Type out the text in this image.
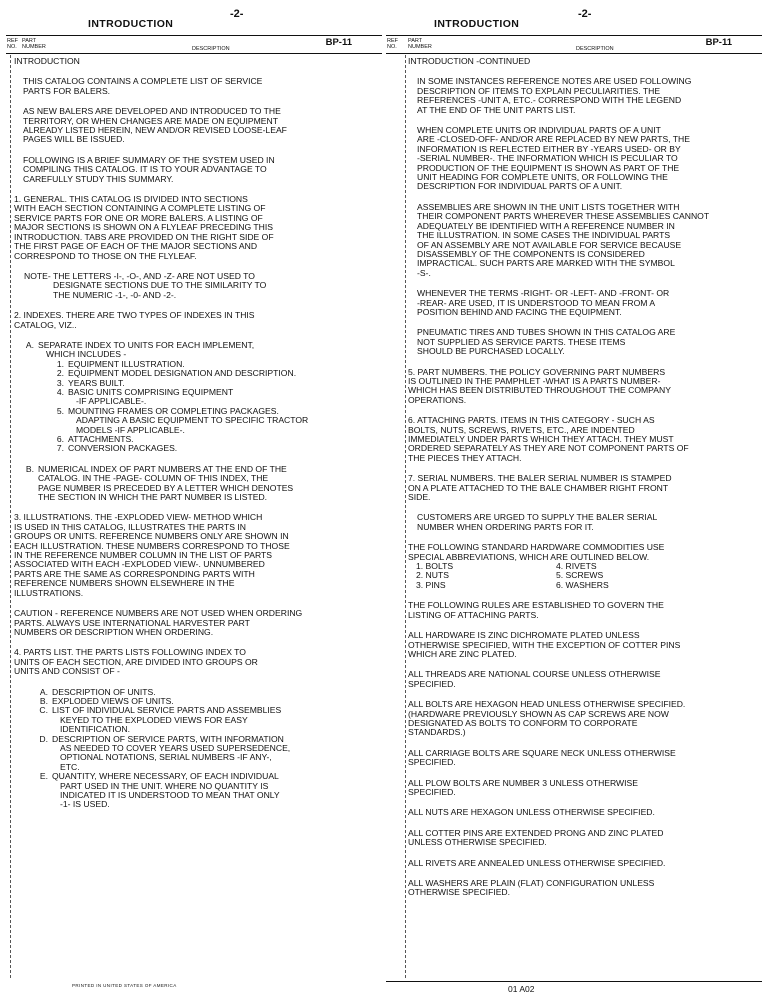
INTRODUCTION
-2-
REF
NO.
PART
NUMBER	DESCRIPTION
BP-11
INTRODUCTION
THIS CATALOG CONTAINS A COMPLETE LIST OF SERVICE
PARTS FOR BALERS.
AS NEW BALERS ARE DEVELOPED AND INTRODUCED TO THE
TERRITORY, OR WHEN CHANGES ARE MADE ON EQUIPMENT
ALREADY LISTED HEREIN, NEW AND/OR REVISED LOOSE-LEAF
PAGES WILL BE ISSUED.
FOLLOWING IS A BRIEF SUMMARY OF THE SYSTEM USED IN
COMPILING THIS CATALOG. IT IS TO YOUR ADVANTAGE TO
CAREFULLY STUDY THIS SUMMARY.
1. GENERAL. THIS CATALOG IS DIVIDED INTO SECTIONS
WITH EACH SECTION CONTAINING A COMPLETE LISTING OF
SERVICE PARTS FOR ONE OR MORE BALERS. A LISTING OF
MAJOR SECTIONS IS SHOWN ON A FLYLEAF PRECEDING THIS
INTRODUCTION. TABS ARE PROVIDED ON THE RIGHT SIDE OF
THE FIRST PAGE OF EACH OF THE MAJOR SECTIONS AND
CORRESPOND TO THOSE ON THE FLYLEAF.
NOTE- THE LETTERS -I-, -O-, AND -Z- ARE NOT USED TO
DESIGNATE SECTIONS DUE TO THE SIMILARITY TO
THE NUMERIC -1-, -0- AND -2-.
2. INDEXES. THERE ARE TWO TYPES OF INDEXES IN THIS
CATALOG, VIZ..
A. SEPARATE INDEX TO UNITS FOR EACH IMPLEMENT,
WHICH INCLUDES -
1. EQUIPMENT ILLUSTRATION.
2. EQUIPMENT MODEL DESIGNATION AND DESCRIPTION.
3. YEARS BUILT.
4. BASIC UNITS COMPRISING EQUIPMENT
-IF APPLICABLE-.
5. MOUNTING FRAMES OR COMPLETING PACKAGES.
ADAPTING A BASIC EQUIPMENT TO SPECIFIC TRACTOR
MODELS -IF APPLICABLE-.
6. ATTACHMENTS.
7. CONVERSION PACKAGES.
B. NUMERICAL INDEX OF PART NUMBERS AT THE END OF THE
CATALOG. IN THE -PAGE- COLUMN OF THIS INDEX, THE
PAGE NUMBER IS PRECEDED BY A LETTER WHICH DENOTES
THE SECTION IN WHICH THE PART NUMBER IS LISTED.
3. ILLUSTRATIONS. THE -EXPLODED VIEW- METHOD WHICH
IS USED IN THIS CATALOG, ILLUSTRATES THE PARTS IN
GROUPS OR UNITS. REFERENCE NUMBERS ONLY ARE SHOWN IN
EACH ILLUSTRATION. THESE NUMBERS CORRESPOND TO THOSE
IN THE REFERENCE NUMBER COLUMN IN THE LIST OF PARTS
ASSOCIATED WITH EACH -EXPLODED VIEW-. UNNUMBERED
PARTS ARE THE SAME AS CORRESPONDING PARTS WITH
REFERENCE NUMBERS SHOWN ELSEWHERE IN THE
ILLUSTRATIONS.
CAUTION - REFERENCE NUMBERS ARE NOT USED WHEN ORDERING
PARTS. ALWAYS USE INTERNATIONAL HARVESTER PART
NUMBERS OR DESCRIPTION WHEN ORDERING.
4. PARTS LIST. THE PARTS LISTS FOLLOWING INDEX TO
UNITS OF EACH SECTION, ARE DIVIDED INTO GROUPS OR
UNITS AND CONSIST OF -
A. DESCRIPTION OF UNITS.
B. EXPLODED VIEWS OF UNITS.
C. LIST OF INDIVIDUAL SERVICE PARTS AND ASSEMBLIES
KEYED TO THE EXPLODED VIEWS FOR EASY
IDENTIFICATION.
D. DESCRIPTION OF SERVICE PARTS, WITH INFORMATION
AS NEEDED TO COVER YEARS USED SUPERSEDENCE,
OPTIONAL NOTATIONS, SERIAL NUMBERS -IF ANY-,
ETC.
E. QUANTITY, WHERE NECESSARY, OF EACH INDIVIDUAL
PART USED IN THE UNIT. WHERE NO QUANTITY IS
INDICATED IT IS UNDERSTOOD TO MEAN THAT ONLY
-1- IS USED.
PRINTED IN UNITED STATES OF AMERICA
INTRODUCTION
-2-
REF
NO.
PART
NUMBER	DESCRIPTION
BP-11
INTRODUCTION -CONTINUED
IN SOME INSTANCES REFERENCE NOTES ARE USED FOLLOWING
DESCRIPTION OF ITEMS TO EXPLAIN PECULIARITIES. THE
REFERENCES -UNIT A, ETC.- CORRESPOND WITH THE LEGEND
AT THE END OF THE UNIT PARTS LIST.
WHEN COMPLETE UNITS OR INDIVIDUAL PARTS OF A UNIT
ARE -CLOSED-OFF- AND/OR ARE REPLACED BY NEW PARTS, THE
INFORMATION IS REFLECTED EITHER BY -YEARS USED- OR BY
-SERIAL NUMBER-. THE INFORMATION WHICH IS PECULIAR TO
PRODUCTION OF THE EQUIPMENT IS SHOWN AS PART OF THE
UNIT HEADING FOR COMPLETE UNITS, OR FOLLOWING THE
DESCRIPTION FOR INDIVIDUAL PARTS OF A UNIT.
ASSEMBLIES ARE SHOWN IN THE UNIT LISTS TOGETHER WITH
THEIR COMPONENT PARTS WHEREVER THESE ASSEMBLIES CANNOT
ADEQUATELY BE IDENTIFIED WITH A REFERENCE NUMBER IN
THE ILLUSTRATION. IN SOME CASES THE INDIVIDUAL PARTS
OF AN ASSEMBLY ARE NOT AVAILABLE FOR SERVICE BECAUSE
DISASSEMBLY OF THE COMPONENTS IS CONSIDERED
IMPRACTICAL. SUCH PARTS ARE MARKED WITH THE SYMBOL
-S-.
WHENEVER THE TERMS -RIGHT- OR -LEFT- AND -FRONT- OR
-REAR- ARE USED, IT IS UNDERSTOOD TO MEAN FROM A
POSITION BEHIND AND FACING THE EQUIPMENT.
PNEUMATIC TIRES AND TUBES SHOWN IN THIS CATALOG ARE
NOT SUPPLIED AS SERVICE PARTS. THESE ITEMS
SHOULD BE PURCHASED LOCALLY.
5. PART NUMBERS. THE POLICY GOVERNING PART NUMBERS
IS OUTLINED IN THE PAMPHLET -WHAT IS A PARTS NUMBER-
WHICH HAS BEEN DISTRIBUTED THROUGHOUT THE COMPANY
OPERATIONS.
6. ATTACHING PARTS. ITEMS IN THIS CATEGORY - SUCH AS
BOLTS, NUTS, SCREWS, RIVETS, ETC., ARE INDENTED
IMMEDIATELY UNDER PARTS WHICH THEY ATTACH. THEY MUST
ORDERED SEPARATELY AS THEY ARE NOT COMPONENT PARTS OF
THE PIECES THEY ATTACH.
7. SERIAL NUMBERS. THE BALER SERIAL NUMBER IS STAMPED
ON A PLATE ATTACHED TO THE BALE CHAMBER RIGHT FRONT
SIDE.
CUSTOMERS ARE URGED TO SUPPLY THE BALER SERIAL
NUMBER WHEN ORDERING PARTS FOR IT.
THE FOLLOWING STANDARD HARDWARE COMMODITIES USE
SPECIAL ABBREVIATIONS, WHICH ARE OUTLINED BELOW.
1. BOLTS	4. RIVETS
2. NUTS	5. SCREWS
3. PINS	6. WASHERS
THE FOLLOWING RULES ARE ESTABLISHED TO GOVERN THE
LISTING OF ATTACHING PARTS.
ALL HARDWARE IS ZINC DICHROMATE PLATED UNLESS
OTHERWISE SPECIFIED, WITH THE EXCEPTION OF COTTER PINS
WHICH ARE ZINC PLATED.
ALL THREADS ARE NATIONAL COURSE UNLESS OTHERWISE
SPECIFIED.
ALL BOLTS ARE HEXAGON HEAD UNLESS OTHERWISE SPECIFIED.
(HARDWARE PREVIOUSLY SHOWN AS CAP SCREWS ARE NOW
DESIGNATED AS BOLTS TO CONFORM TO CORPORATE
STANDARDS.)
ALL CARRIAGE BOLTS ARE SQUARE NECK UNLESS OTHERWISE
SPECIFIED.
ALL PLOW BOLTS ARE NUMBER 3 UNLESS OTHERWISE
SPECIFIED.
ALL NUTS ARE HEXAGON UNLESS OTHERWISE SPECIFIED.
ALL COTTER PINS ARE EXTENDED PRONG AND ZINC PLATED
UNLESS OTHERWISE SPECIFIED.
ALL RIVETS ARE ANNEALED UNLESS OTHERWISE SPECIFIED.
ALL WASHERS ARE PLAIN (FLAT) CONFIGURATION UNLESS
OTHERWISE SPECIFIED.
01 A02
